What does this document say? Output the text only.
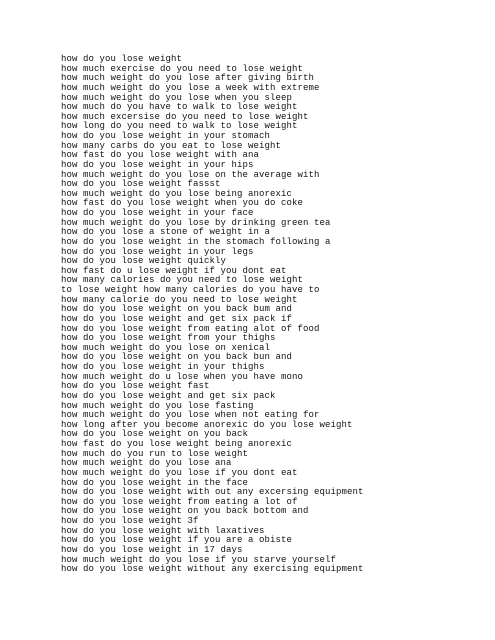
how do you lose weight
how much exercise do you need to lose weight
how much weight do you lose after giving birth
how much weight do you lose a week with extreme
how much weight do you lose when you sleep
how much do you have to walk to lose weight
how much excersise do you need to lose weight
how long do you need to walk to lose weight
how do you lose weight in your stomach
how many carbs do you eat to lose weight
how fast do you lose weight with ana
how do you lose weight in your hips
how much weight do you lose on the average with
how do you lose weight fassst
how much weight do you lose being anorexic
how fast do you lose weight when you do coke
how do you lose weight in your face
how much weight do you lose by drinking green tea
how do you lose a stone of weight in a
how do you lose weight in the stomach following a
how do you lose weight in your legs
how do you lose weight quickly
how fast do u lose weight if you dont eat
how many calories do you need to lose weight
to lose weight how many calories do you have to
how many calorie do you need to lose weight
how do you lose weight on you back bum and
how do you lose weight and get six pack if
how do you lose weight from eating alot of food
how do you lose weight from your thighs
how much weight do you lose on xenical
how do you lose weight on you back bun and
how do you lose weight in your thighs
how much weight do u lose when you have mono
how do you lose weight fast
how do you lose weight and get six pack
how much weight do you lose fasting
how much weight do you lose when not eating for
how long after you become anorexic do you lose weight
how do you lose weight on you back
how fast do you lose weight being anorexic
how much do you run to lose weight
how much weight do you lose ana
how much weight do you lose if you dont eat
how do you lose weight in the face
how do you lose weight with out any excersing equipment
how do you lose weight from eating a lot of
how do you lose weight on you back bottom and
how do you lose weight 3f
how do you lose weight with laxatives
how do you lose weight if you are a obiste
how do you lose weight in 17 days
how much weight do you lose if you starve yourself
how do you lose weight without any exercising equipment
